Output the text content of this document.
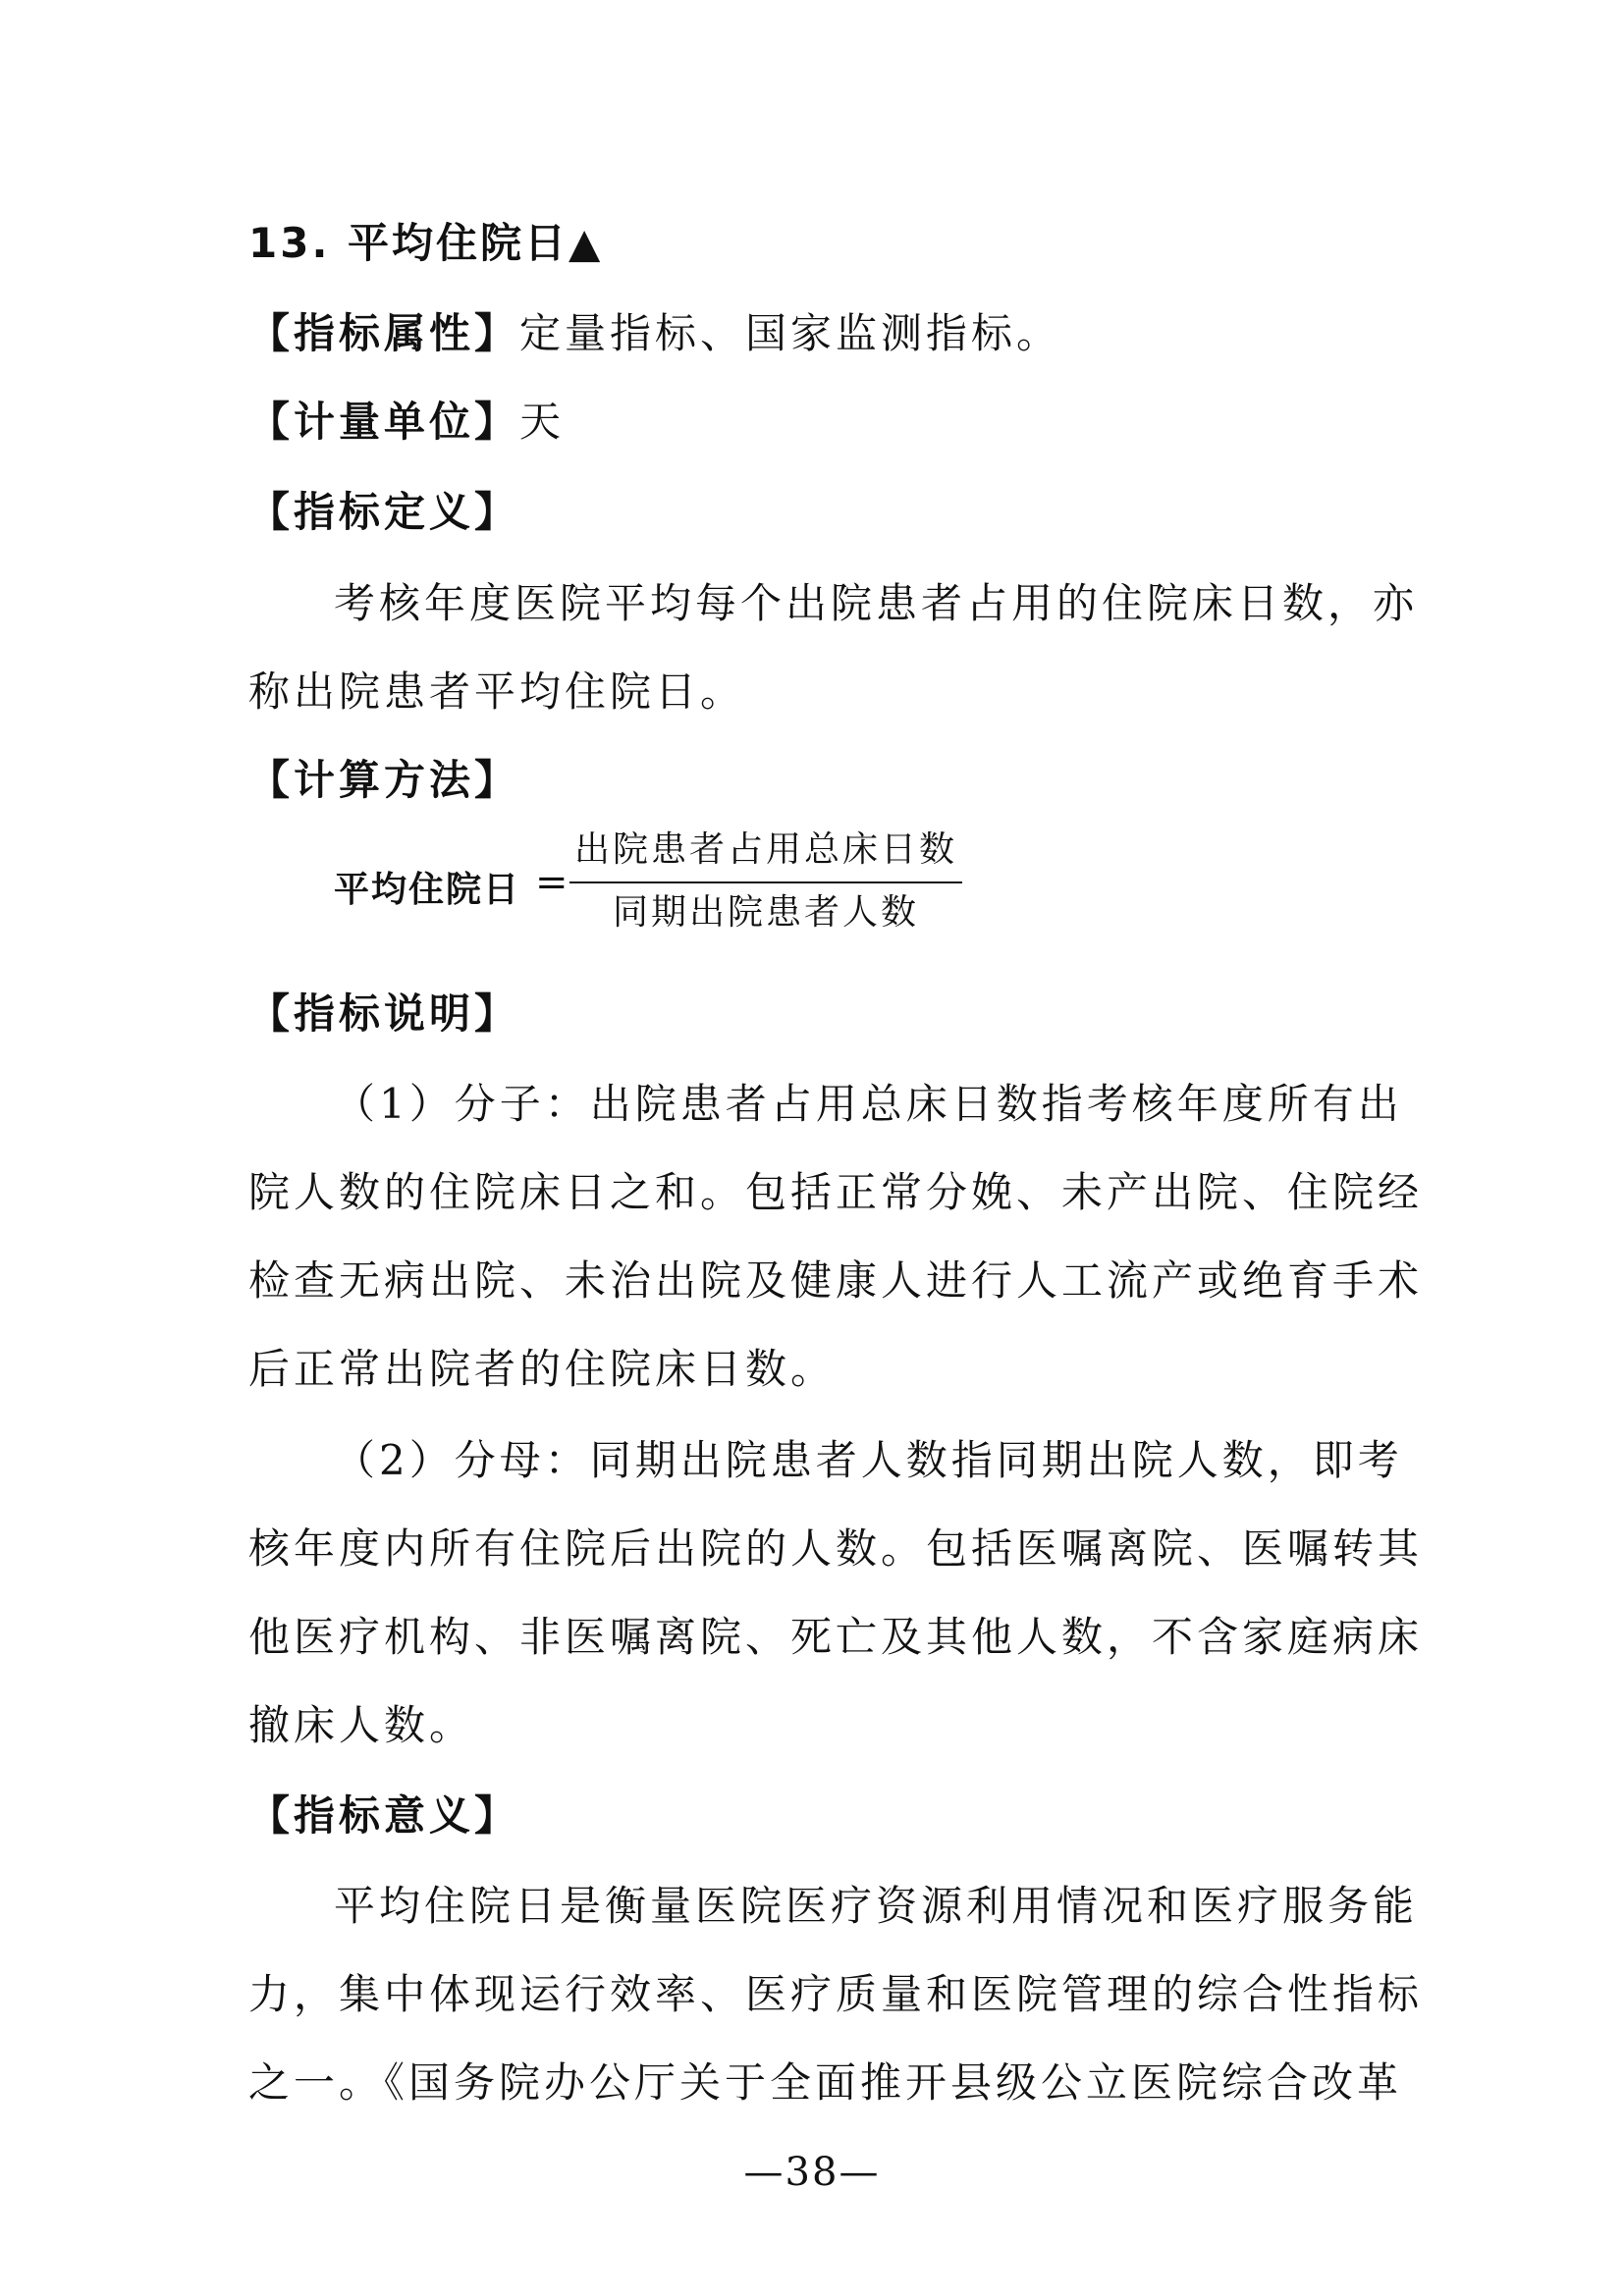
13. 平均住院日▲
【指标属性】定量指标、国家监测指标。
【计量单位】天
【指标定义】
考核年度医院平均每个出院患者占用的住院床日数，亦
称出院患者平均住院日。
【计算方法】
平均住院日 =
出院患者占用总床日数
同期出院患者人数
【指标说明】
（1）分子：出院患者占用总床日数指考核年度所有出
院人数的住院床日之和。包括正常分娩、未产出院、住院经
检查无病出院、未治出院及健康人进行人工流产或绝育手术
后正常出院者的住院床日数。
（2）分母：同期出院患者人数指同期出院人数，即考
核年度内所有住院后出院的人数。包括医嘱离院、医嘱转其
他医疗机构、非医嘱离院、死亡及其他人数，不含家庭病床
撤床人数。
【指标意义】
平均住院日是衡量医院医疗资源利用情况和医疗服务能
力，集中体现运行效率、医疗质量和医院管理的综合性指标
之一。《国务院办公厅关于全面推开县级公立医院综合改革
—38—
